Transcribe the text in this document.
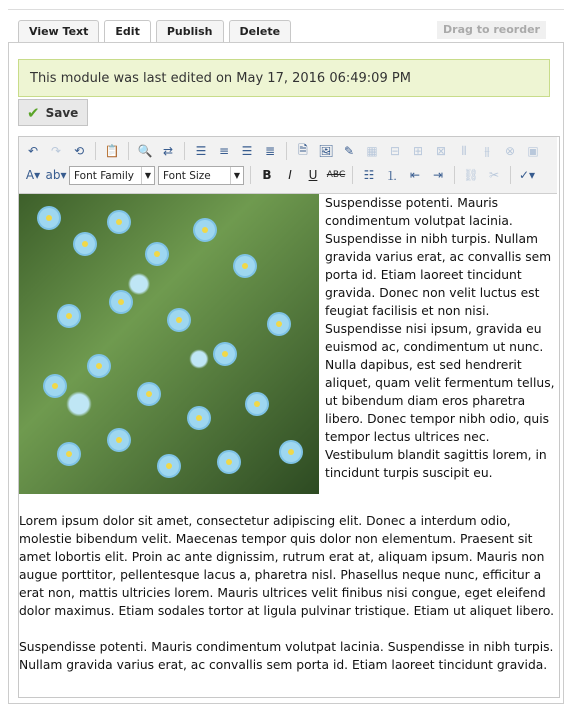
View Text	Edit	Publish	Delete	Drag to reorder
This module was last edited on May 17, 2016 06:49:09 PM
✔ Save
↶	↷	⟲	📋 🔍 ⇄	☰	≡	☰	≣	🗎 🖼 ✎	▦	⊟	⊞	⊠	⫴	⫵	⊗	▣
A▾ ab▾ Font Family	▼	Font Size	▼	B	I	U	ABC	☷ ⒈ ⇤	⇥	⛓ ✂	✓▾
Suspendisse potenti. Mauris condimentum volutpat lacinia. Suspendisse in nibh turpis. Nullam gravida varius erat, ac convallis sem porta id. Etiam laoreet tincidunt gravida. Donec non velit luctus est feugiat facilisis et non nisi. Suspendisse nisi ipsum, gravida eu euismod ac, condimentum ut nunc. Nulla dapibus, est sed hendrerit aliquet, quam velit fermentum tellus, ut bibendum diam eros pharetra libero. Donec tempor nibh odio, quis tempor lectus ultrices nec. Vestibulum blandit sagittis lorem, in tincidunt turpis suscipit eu.
Lorem ipsum dolor sit amet, consectetur adipiscing elit. Donec a interdum odio, molestie bibendum velit. Maecenas tempor quis dolor non elementum. Praesent sit amet lobortis elit. Proin ac ante dignissim, rutrum erat at, aliquam ipsum. Mauris non augue porttitor, pellentesque lacus a, pharetra nisl. Phasellus neque nunc, efficitur a erat non, mattis ultricies lorem. Mauris ultrices velit finibus nisi congue, eget eleifend dolor maximus. Etiam sodales tortor at ligula pulvinar tristique. Etiam ut aliquet libero.
Suspendisse potenti. Mauris condimentum volutpat lacinia. Suspendisse in nibh turpis. Nullam gravida varius erat, ac convallis sem porta id. Etiam laoreet tincidunt gravida.
